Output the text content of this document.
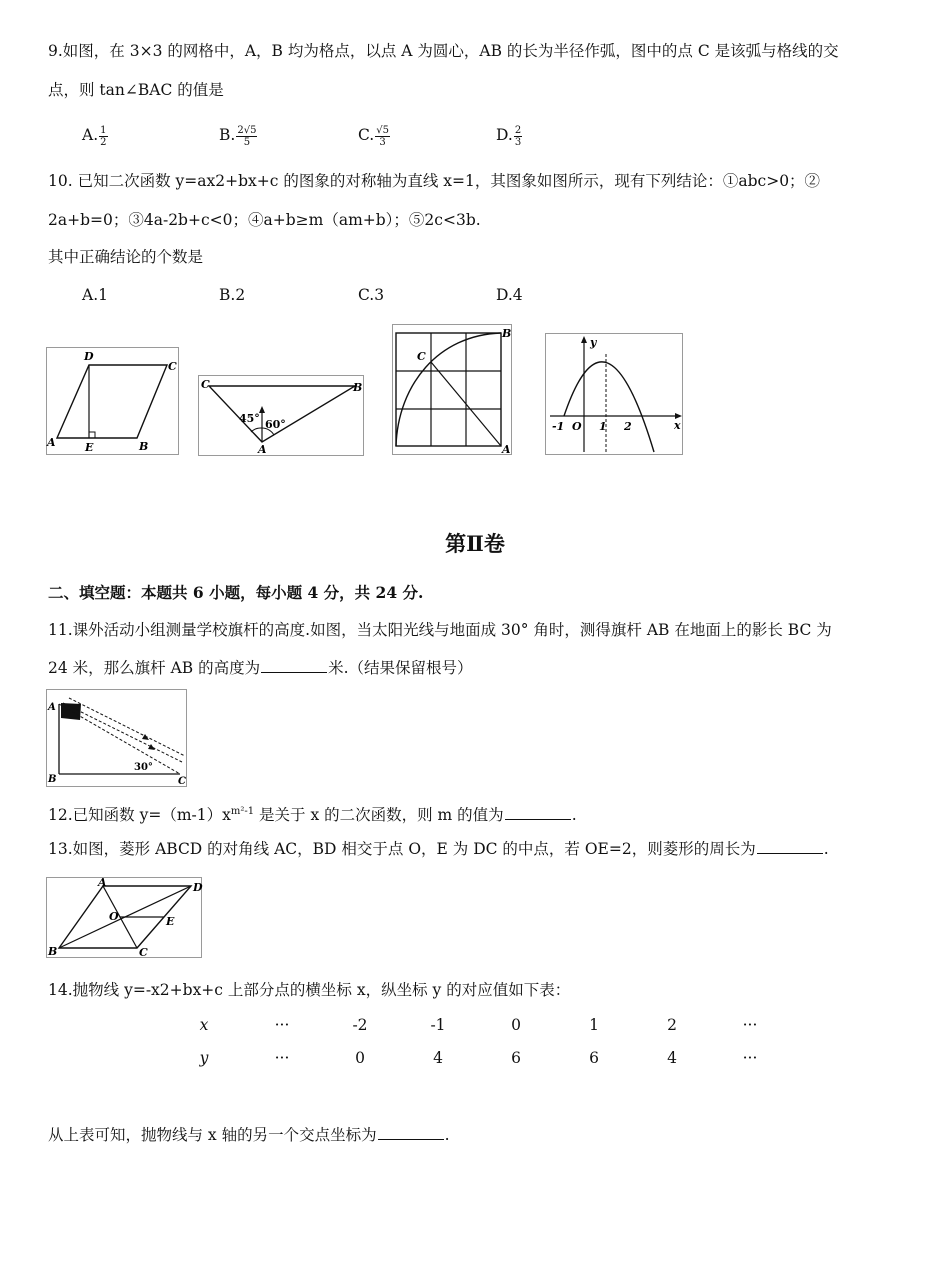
9.如图，在 3×3 的网格中，A，B 均为格点，以点 A 为圆心，AB 的长为半径作弧，图中的点 C 是该弧与格线的交
点，则 tan∠BAC 的值是
A. $\frac{1}{2}$	B. $\frac{2√5}{5}$	C. $\frac{√5}{3}$	D. $\frac{2}{3}$
10. 已知二次函数 y=ax2+bx+c 的图象的对称轴为直线 x=1，其图象如图所示，现有下列结论：①abc>0；②
2a+b=0；③4a-2b+c<0；④a+b≥m（am+b）；⑤2c<3b.
其中正确结论的个数是
A.1	B.2	C.3	D.4
D
C
A	E	B
C	B
A
45° 60°
B
C
A
y
x
-1 O 1 2
第Ⅱ卷
二、填空题：本题共 6 小题，每小题 4 分，共 24 分.
11.课外活动小组测量学校旗杆的高度.如图，当太阳光线与地面成 30° 角时，测得旗杆 AB 在地面上的影长 BC 为
24 米，那么旗杆 AB 的高度为	米.（结果保留根号）
A
B	C
30°
12.已知函数 $y=(m-1)x^{m^2-1}$ 是关于 x 的二次函数，则 m 的值为	.
13.如图，菱形 ABCD 的对角线 AC，BD 相交于点 O，E 为 DC 的中点，若 OE=2，则菱形的周长为	.
A	D
O	E
B	C
14.抛物线 y=-x2+bx+c 上部分点的横坐标 x，纵坐标 y 的对应值如下表：
x	···	-2	-1	0	1	2	···
y	···	0	4	6	6	4	···
从上表可知，抛物线与 x 轴的另一个交点坐标为	.
